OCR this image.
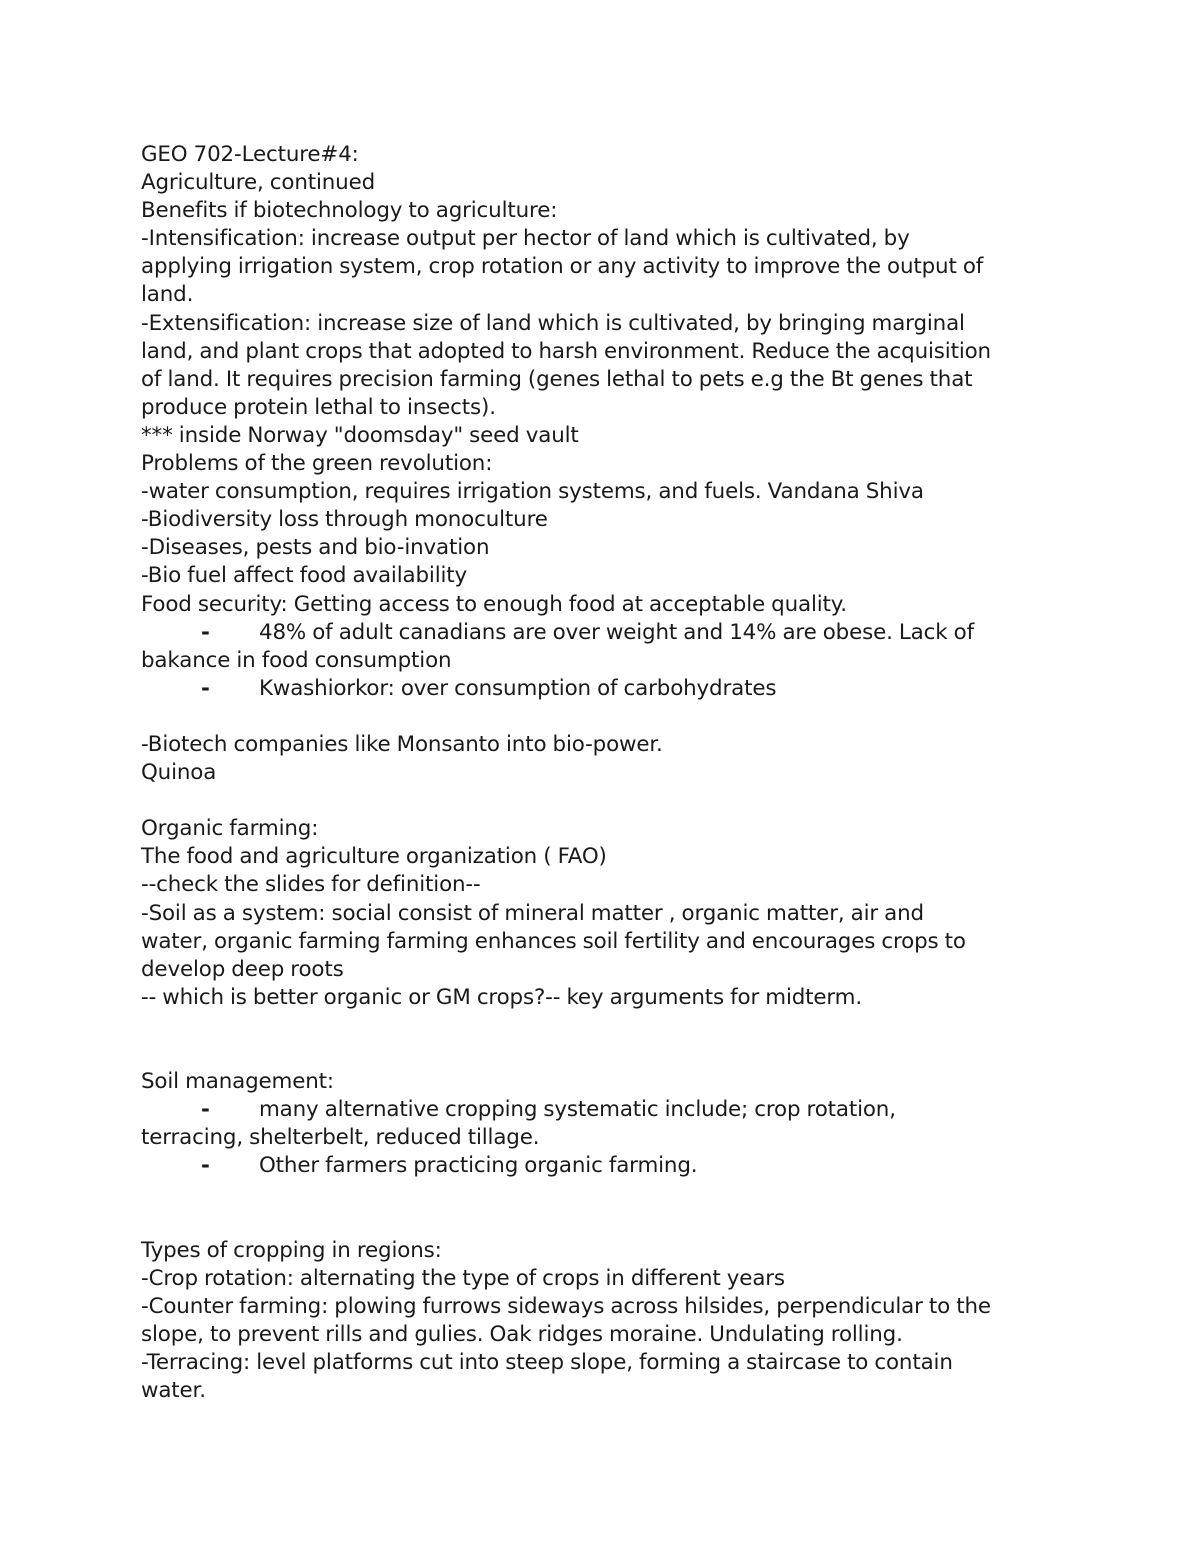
GEO 702-Lecture#4:
Agriculture, continued
Benefits if biotechnology to agriculture:
-Intensification: increase output per hector of land which is cultivated, by
applying irrigation system, crop rotation or any activity to improve the output of
land.
-Extensification: increase size of land which is cultivated, by bringing marginal
land, and plant crops that adopted to harsh environment. Reduce the acquisition
of land. It requires precision farming (genes lethal to pets e.g the Bt genes that
produce protein lethal to insects).
*** inside Norway "doomsday" seed vault
Problems of the green revolution:
-water consumption, requires irrigation systems, and fuels. Vandana Shiva
-Biodiversity loss through monoculture
-Diseases, pests and bio-invation
-Bio fuel affect food availability
Food security: Getting access to enough food at acceptable quality.
- 48% of adult canadians are over weight and 14% are obese. Lack of
bakance in food consumption
- Kwashiorkor: over consumption of carbohydrates
-Biotech companies like Monsanto into bio-power.
Quinoa
Organic farming:
The food and agriculture organization ( FAO)
--check the slides for definition--
-Soil as a system: social consist of mineral matter , organic matter, air and
water, organic farming farming enhances soil fertility and encourages crops to
develop deep roots
-- which is better organic or GM crops?-- key arguments for midterm.
Soil management:
- many alternative cropping systematic include; crop rotation,
terracing, shelterbelt, reduced tillage.
- Other farmers practicing organic farming.
Types of cropping in regions:
-Crop rotation: alternating the type of crops in different years
-Counter farming: plowing furrows sideways across hilsides, perpendicular to the
slope, to prevent rills and gulies. Oak ridges moraine. Undulating rolling.
-Terracing: level platforms cut into steep slope, forming a staircase to contain
water.
